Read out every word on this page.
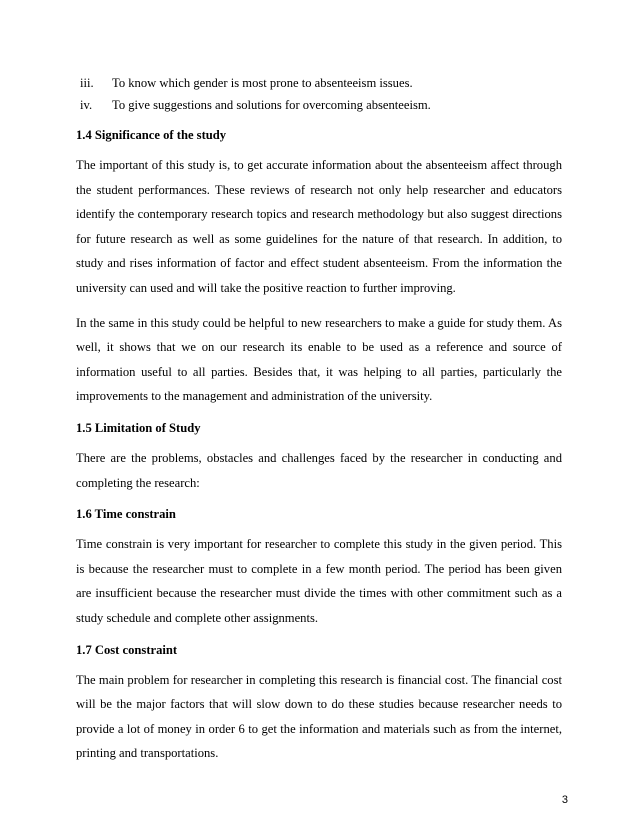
iii.	To know which gender is most prone to absenteeism issues.
iv.	To give suggestions and solutions for overcoming absenteeism.
1.4 Significance of the study

The important of this study is, to get accurate information about the absenteeism affect through the student performances. These reviews of research not only help researcher and educators identify the contemporary research topics and research methodology but also suggest directions for future research as well as some guidelines for the nature of that research. In addition, to study and rises information of factor and effect student absenteeism. From the information the university can used and will take the positive reaction to further improving.

In the same in this study could be helpful to new researchers to make a guide for study them. As well, it shows that we on our research its enable to be used as a reference and source of information useful to all parties. Besides that, it was helping to all parties, particularly the improvements to the management and administration of the university.

1.5 Limitation of Study

There are the problems, obstacles and challenges faced by the researcher in conducting and completing the research:

1.6 Time constrain

Time constrain is very important for researcher to complete this study in the given period. This is because the researcher must to complete in a few month period. The period has been given are insufficient because the researcher must divide the times with other commitment such as a study schedule and complete other assignments.

1.7 Cost constraint

The main problem for researcher in completing this research is financial cost. The financial cost will be the major factors that will slow down to do these studies because researcher needs to provide a lot of money in order 6 to get the information and materials such as from the internet, printing and transportations.

3
